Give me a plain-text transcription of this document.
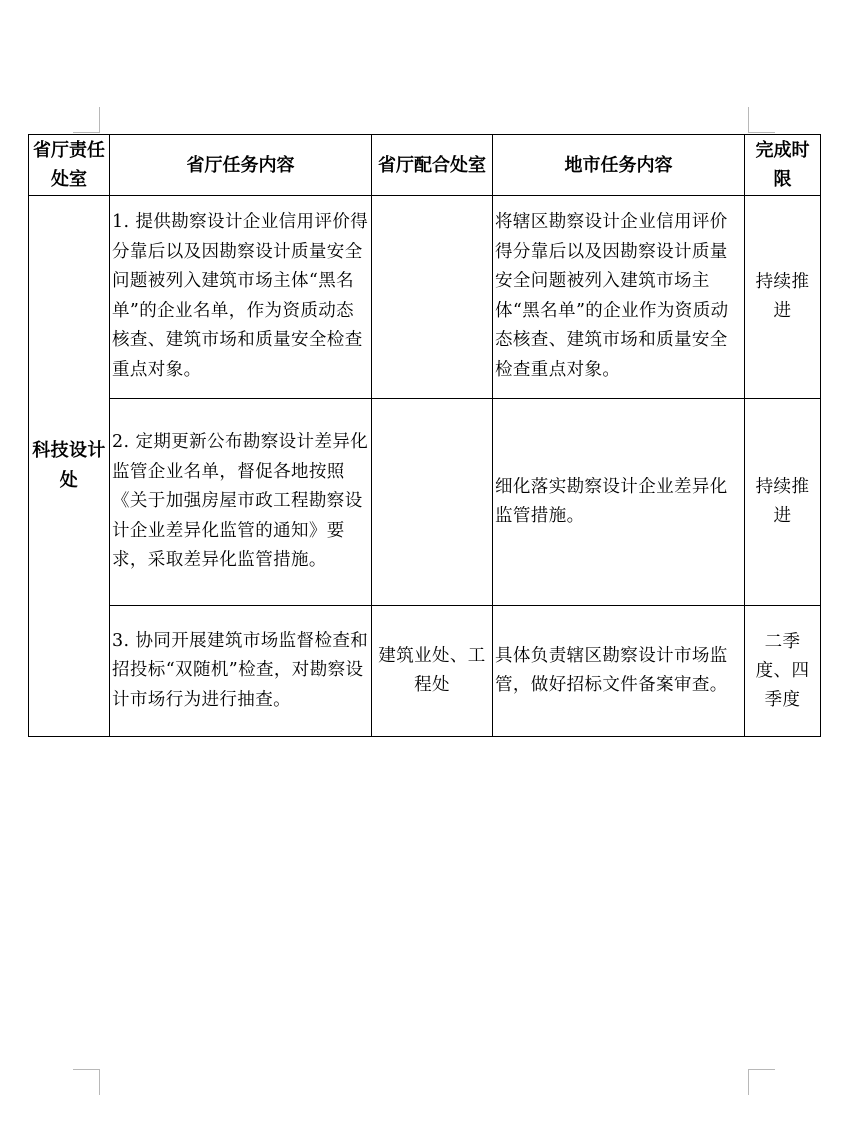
省厅责任处室	省厅任务内容	省厅配合处室	地市任务内容	完成时限
科技设计处	1. 提供勘察设计企业信用评价得分靠后以及因勘察设计质量安全问题被列入建筑市场主体“黑名单”的企业名单，作为资质动态核查、建筑市场和质量安全检查重点对象。		将辖区勘察设计企业信用评价得分靠后以及因勘察设计质量安全问题被列入建筑市场主体“黑名单”的企业作为资质动态核查、建筑市场和质量安全检查重点对象。	持续推进
	2. 定期更新公布勘察设计差异化监管企业名单，督促各地按照《关于加强房屋市政工程勘察设计企业差异化监管的通知》要求，采取差异化监管措施。		细化落实勘察设计企业差异化监管措施。	持续推进
	3. 协同开展建筑市场监督检查和招投标“双随机”检查，对勘察设计市场行为进行抽查。	建筑业处、工程处	具体负责辖区勘察设计市场监管，做好招标文件备案审查。	二季度、四季度
